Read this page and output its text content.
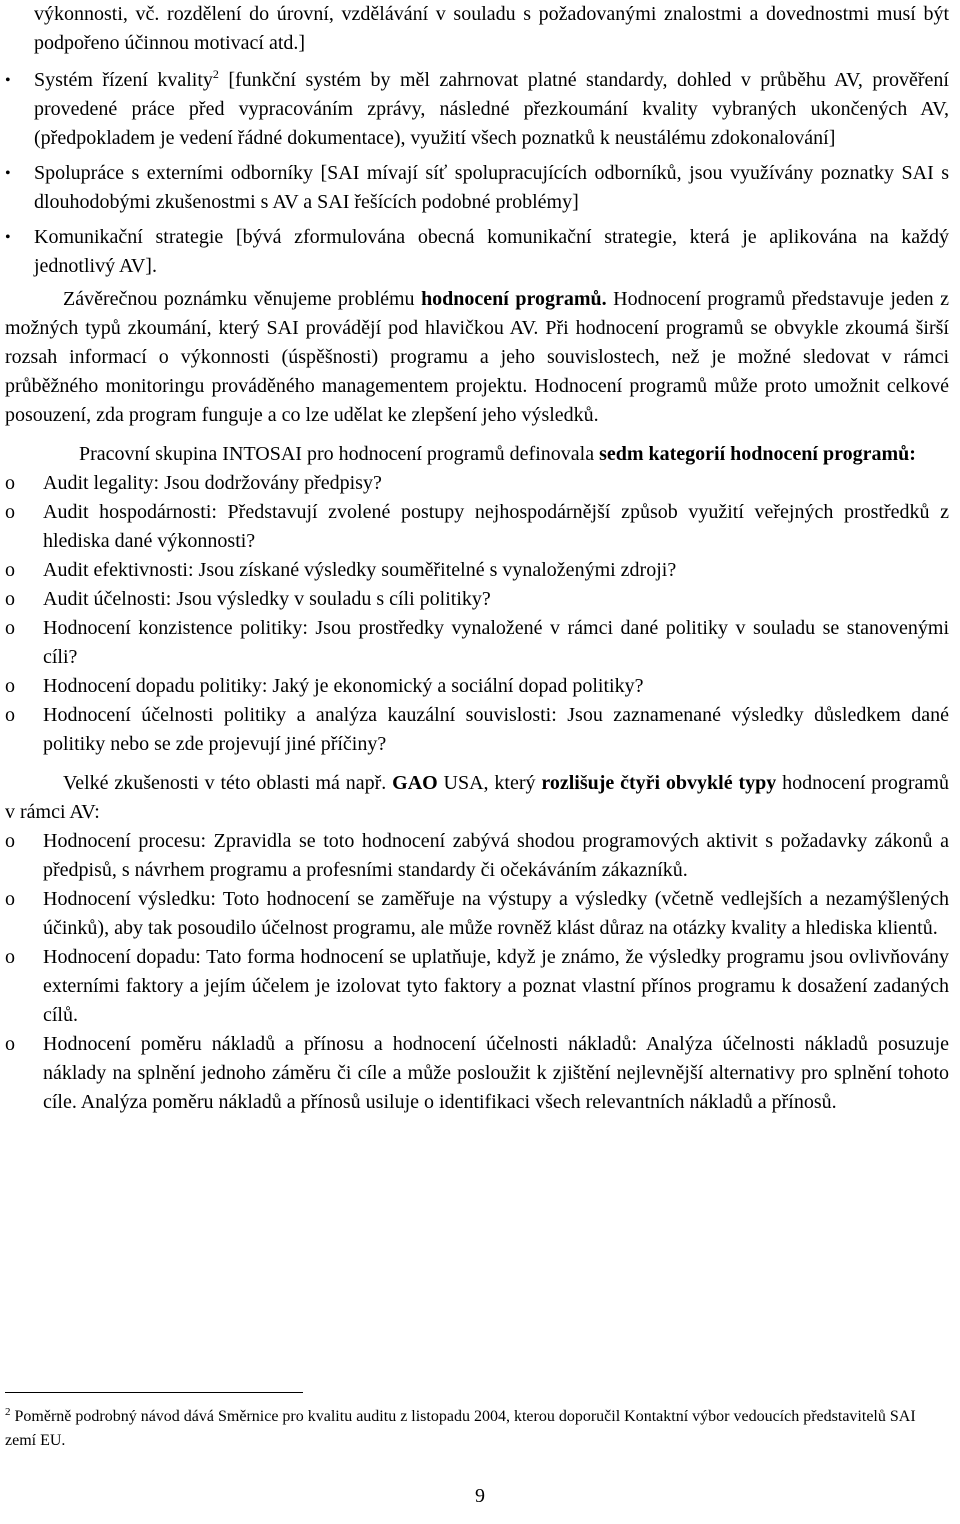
výkonnosti, vč. rozdělení do úrovní, vzdělávání v souladu s požadovanými znalostmi a dovednostmi musí být podpořeno účinnou motivací atd.]

• Systém řízení kvality$^2$ [funkční systém by měl zahrnovat platné standardy, dohled v průběhu AV, prověření provedené práce před vypracováním zprávy, následné přezkoumání kvality vybraných ukončených AV, (předpokladem je vedení řádné dokumentace), využití všech poznatků k neustálému zdokonalování]
• Spolupráce s externími odborníky [SAI mívají síť spolupracujících odborníků, jsou využívány poznatky SAI s dlouhodobými zkušenostmi s AV a SAI řešících podobné problémy]
• Komunikační strategie [bývá zformulována obecná komunikační strategie, která je aplikována na každý jednotlivý AV].

Závěrečnou poznámku věnujeme problému hodnocení programů. Hodnocení programů představuje jeden z možných typů zkoumání, který SAI provádějí pod hlavičkou AV. Při hodnocení programů se obvykle zkoumá širší rozsah informací o výkonnosti (úspěšnosti) programu a jeho souvislostech, než je možné sledovat v rámci průběžného monitoringu prováděného managementem projektu. Hodnocení programů může proto umožnit celkové posouzení, zda program funguje a co lze udělat ke zlepšení jeho výsledků.

Pracovní skupina INTOSAI pro hodnocení programů definovala sedm kategorií hodnocení programů:

o Audit legality: Jsou dodržovány předpisy?
o Audit hospodárnosti: Představují zvolené postupy nejhospodárnější způsob využití veřejných prostředků z hlediska dané výkonnosti?
o Audit efektivnosti: Jsou získané výsledky souměřitelné s vynaloženými zdroji?
o Audit účelnosti: Jsou výsledky v souladu s cíli politiky?
o Hodnocení konzistence politiky: Jsou prostředky vynaložené v rámci dané politiky v souladu se stanovenými cíli?
o Hodnocení dopadu politiky: Jaký je ekonomický a sociální dopad politiky?
o Hodnocení účelnosti politiky a analýza kauzální souvislosti: Jsou zaznamenané výsledky důsledkem dané politiky nebo se zde projevují jiné příčiny?

Velké zkušenosti v této oblasti má např. GAO USA, který rozlišuje čtyři obvyklé typy hodnocení programů v rámci AV:

o Hodnocení procesu: Zpravidla se toto hodnocení zabývá shodou programových aktivit s požadavky zákonů a předpisů, s návrhem programu a profesními standardy či očekáváním zákazníků.
o Hodnocení výsledku: Toto hodnocení se zaměřuje na výstupy a výsledky (včetně vedlejších a nezamýšlených účinků), aby tak posoudilo účelnost programu, ale může rovněž klást důraz na otázky kvality a hlediska klientů.
o Hodnocení dopadu: Tato forma hodnocení se uplatňuje, když je známo, že výsledky programu jsou ovlivňovány externími faktory a jejím účelem je izolovat tyto faktory a poznat vlastní přínos programu k dosažení zadaných cílů.
o Hodnocení poměru nákladů a přínosu a hodnocení účelnosti nákladů: Analýza účelnosti nákladů posuzuje náklady na splnění jednoho záměru či cíle a může posloužit k zjištění nejlevnější alternativy pro splnění tohoto cíle. Analýza poměru nákladů a přínosů usiluje o identifikaci všech relevantních nákladů a přínosů.
$^2$ Poměrně podrobný návod dává Směrnice pro kvalitu auditu z listopadu 2004, kterou doporučil Kontaktní výbor vedoucích představitelů SAI zemí EU.
9
